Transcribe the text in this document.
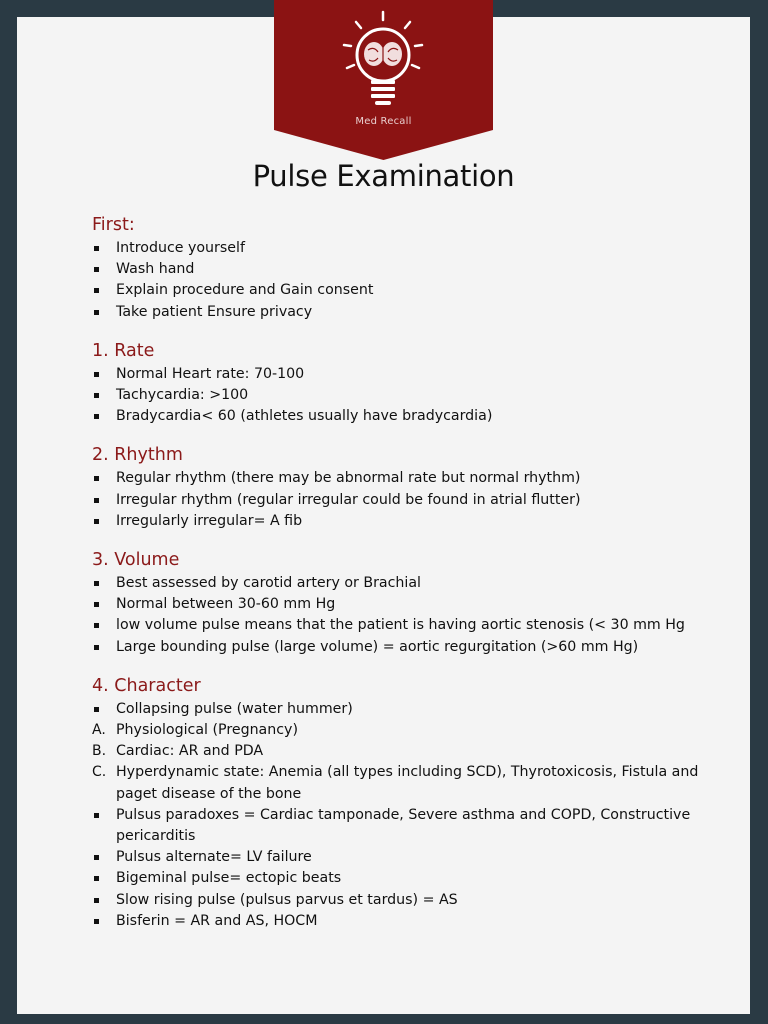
Med Recall
Pulse Examination
First:
Introduce yourself
Wash hand
Explain procedure and Gain consent
Take patient Ensure privacy
1. Rate
Normal Heart rate: 70-100
Tachycardia: >100
Bradycardia< 60 (athletes usually have bradycardia)
2. Rhythm
Regular rhythm (there may be abnormal rate but normal rhythm)
Irregular rhythm (regular irregular could be found in atrial flutter)
Irregularly irregular= A fib
3. Volume
Best assessed by carotid artery or Brachial
Normal between 30-60 mm Hg
low volume pulse means that the patient is having aortic stenosis (< 30 mm Hg
Large bounding pulse (large volume) = aortic regurgitation (>60 mm Hg)
4. Character
Collapsing pulse (water hummer)
A. Physiological (Pregnancy)
B. Cardiac: AR and PDA
C. Hyperdynamic state: Anemia (all types including SCD), Thyrotoxicosis, Fistula and paget disease of the bone
Pulsus paradoxes = Cardiac tamponade, Severe asthma and COPD, Constructive pericarditis
Pulsus alternate= LV failure
Bigeminal pulse= ectopic beats
Slow rising pulse (pulsus parvus et tardus) = AS
Bisferin = AR and AS, HOCM
